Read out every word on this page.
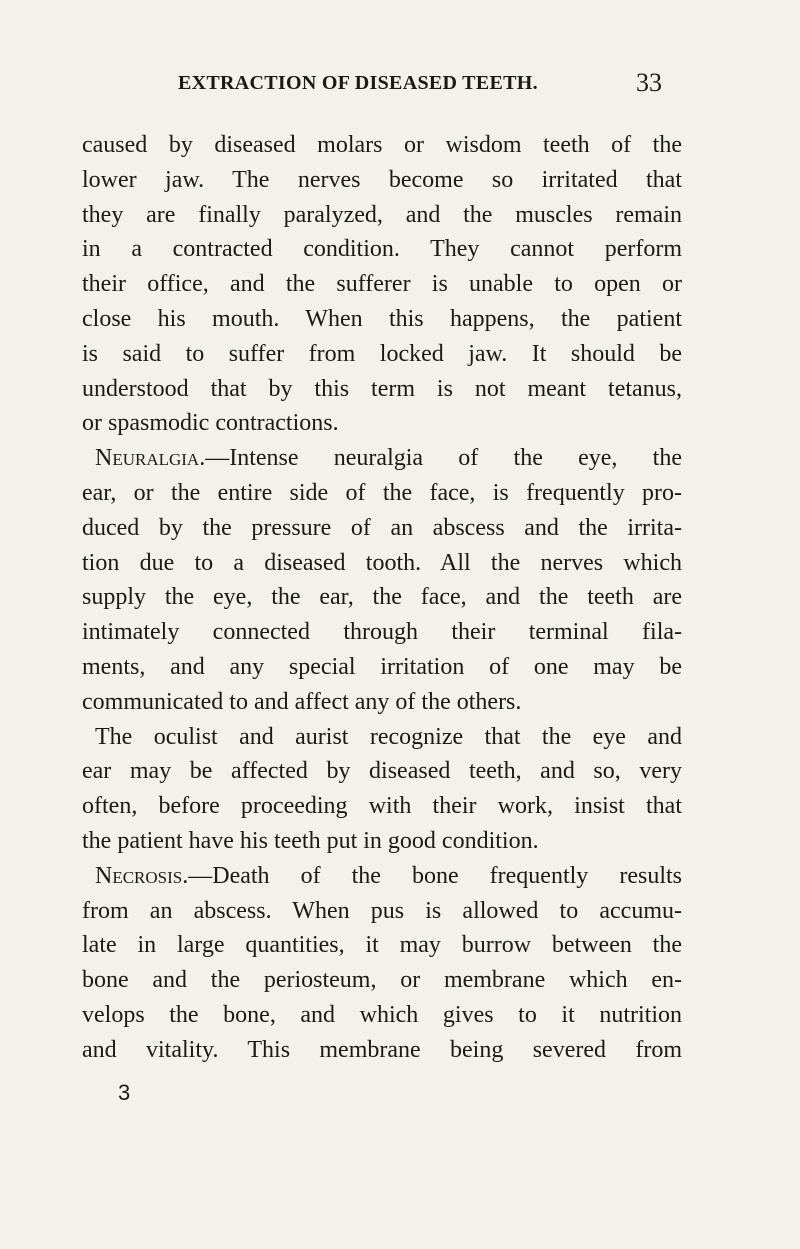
EXTRACTION OF DISEASED TEETH.	33
caused by diseased molars or wisdom teeth of the
lower jaw. The nerves become so irritated that
they are finally paralyzed, and the muscles remain
in a contracted condition. They cannot perform
their office, and the sufferer is unable to open or
close his mouth. When this happens, the patient
is said to suffer from locked jaw. It should be
understood that by this term is not meant tetanus,
or spasmodic contractions.
Neuralgia.—Intense neuralgia of the eye, the
ear, or the entire side of the face, is frequently pro-
duced by the pressure of an abscess and the irrita-
tion due to a diseased tooth. All the nerves which
supply the eye, the ear, the face, and the teeth are
intimately connected through their terminal fila-
ments, and any special irritation of one may be
communicated to and affect any of the others.
The oculist and aurist recognize that the eye and
ear may be affected by diseased teeth, and so, very
often, before proceeding with their work, insist that
the patient have his teeth put in good condition.
Necrosis.—Death of the bone frequently results
from an abscess. When pus is allowed to accumu-
late in large quantities, it may burrow between the
bone and the periosteum, or membrane which en-
velops the bone, and which gives to it nutrition
and vitality. This membrane being severed from
3
